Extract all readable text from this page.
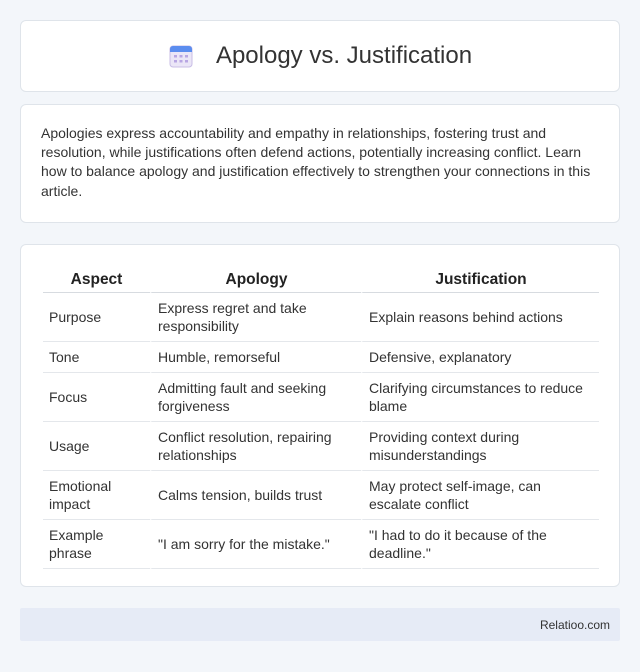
Apology vs. Justification

Apologies express accountability and empathy in relationships, fostering trust and resolution, while justifications often defend actions, potentially increasing conflict. Learn how to balance apology and justification effectively to strengthen your connections in this article.

Aspect	Apology	Justification
Purpose	Express regret and take responsibility	Explain reasons behind actions
Tone	Humble, remorseful	Defensive, explanatory
Focus	Admitting fault and seeking forgiveness	Clarifying circumstances to reduce blame
Usage	Conflict resolution, repairing relationships	Providing context during misunderstandings
Emotional impact	Calms tension, builds trust	May protect self-image, can escalate conflict
Example phrase	"I am sorry for the mistake."	"I had to do it because of the deadline."
Relatioo.com
